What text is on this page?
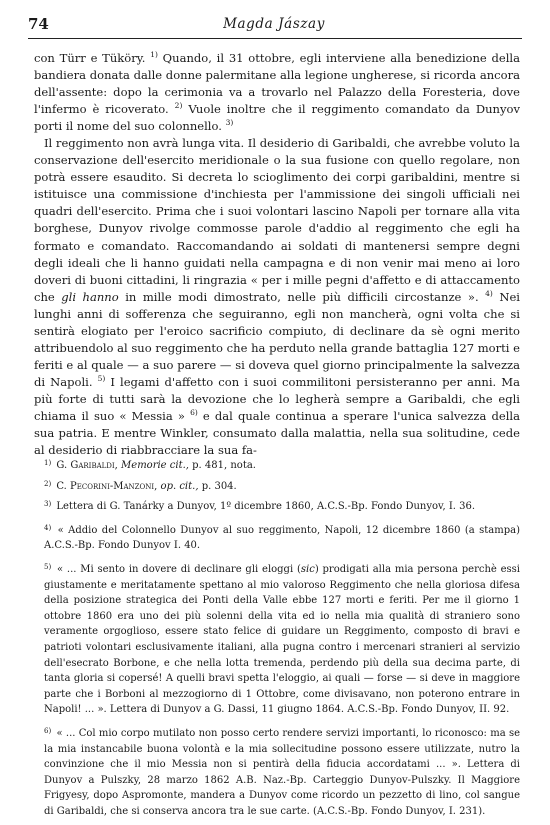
74	Magda Jászay

con Türr e Tüköry. $^{1)}$ Quando, il 31 ottobre, egli interviene alla benedizione della bandiera donata dalle donne palermitane alla legione ungherese, si ricorda ancora dell'assente: dopo la cerimonia va a trovarlo nel Palazzo della Foresteria, dove l'infermo è ricoverato. $^{2)}$ Vuole inoltre che il reggimento comandato da Dunyov porti il nome del suo colonnello. $^{3)}$

Il reggimento non avrà lunga vita. Il desiderio di Garibaldi, che avrebbe voluto la conservazione dell'esercito meridionale o la sua fusione con quello regolare, non potrà essere esaudito. Si decreta lo scioglimento dei corpi garibaldini, mentre si istituisce una commissione d'inchiesta per l'ammissione dei singoli ufficiali nei quadri dell'esercito. Prima che i suoi volontari lascino Napoli per tornare alla vita borghese, Dunyov rivolge commosse parole d'addio al reggimento che egli ha formato e comandato. Raccomandando ai soldati di mantenersi sempre degni degli ideali che li hanno guidati nella campagna e di non venir mai meno ai loro doveri di buoni cittadini, li ringrazia « per i mille pegni d'affetto e di attaccamento che gli hanno in mille modi dimostrato, nelle più difficili circostanze ». $^{4)}$ Nei lunghi anni di sofferenza che seguiranno, egli non mancherà, ogni volta che si sentirà elogiato per l'eroico sacrificio compiuto, di declinare da sè ogni merito attribuendolo al suo reggimento che ha perduto nella grande battaglia 127 morti e feriti e al quale — a suo parere — si doveva quel giorno principalmente la salvezza di Napoli. $^{5)}$ I legami d'affetto con i suoi commilitoni persisteranno per anni. Ma più forte di tutti sarà la devozione che lo legherà sempre a Garibaldi, che egli chiama il suo « Messia » $^{6)}$ e dal quale continua a sperare l'unica salvezza della sua patria. E mentre Winkler, consumato dalla malattia, nella sua solitudine, cede al desiderio di riabbracciare la sua fa-

$^{1)}$ G. Garibaldi, Memorie cit., p. 481, nota.

$^{2)}$ C. Pecorini-Manzoni, op. cit., p. 304.

$^{3)}$ Lettera di G. Tanárky a Dunyov, 1º dicembre 1860, A.C.S.-Bp. Fondo Dunyov, I. 36.

$^{4)}$ « Addio del Colonnello Dunyov al suo reggimento, Napoli, 12 dicembre 1860 (a stampa) A.C.S.-Bp. Fondo Dunyov I. 40.

$^{5)}$ « ... Mi sento in dovere di declinare gli eloggi (sic) prodigati alla mia persona perchè essi giustamente e meritatamente spettano al mio valoroso Reggimento che nella gloriosa difesa della posizione strategica dei Ponti della Valle ebbe 127 morti e feriti. Per me il giorno 1 ottobre 1860 era uno dei più solenni della vita ed io nella mia qualità di straniero sono veramente orgoglioso, essere stato felice di guidare un Reggimento, composto di bravi e patrioti volontari esclusivamente italiani, alla pugna contro i mercenari stranieri al servizio dell'esecrato Borbone, e che nella lotta tremenda, perdendo più della sua decima parte, di tanta gloria si copersé! A quelli bravi spetta l'eloggio, ai quali — forse — si deve in maggiore parte che i Borboni al mezzogiorno di 1 Ottobre, come divisavano, non poterono entrare in Napoli! ... ». Lettera di Dunyov a G. Dassi, 11 giugno 1864. A.C.S.-Bp. Fondo Dunyov, II. 92.

$^{6)}$ « ... Col mio corpo mutilato non posso certo rendere servizi importanti, lo riconosco: ma se la mia instancabile buona volontà e la mia sollecitudine possono essere utilizzate, nutro la convinzione che il mio Messia non si pentirà della fiducia accordatami ... ». Lettera di Dunyov a Pulszky, 28 marzo 1862 A.B. Naz.-Bp. Carteggio Dunyov-Pulszky. Il Maggiore Frigyesy, dopo Aspromonte, mandera a Dunyov come ricordo un pezzetto di lino, col sangue di Garibaldi, che si conserva ancora tra le sue carte. (A.C.S.-Bp. Fondo Dunyov, I. 231).
